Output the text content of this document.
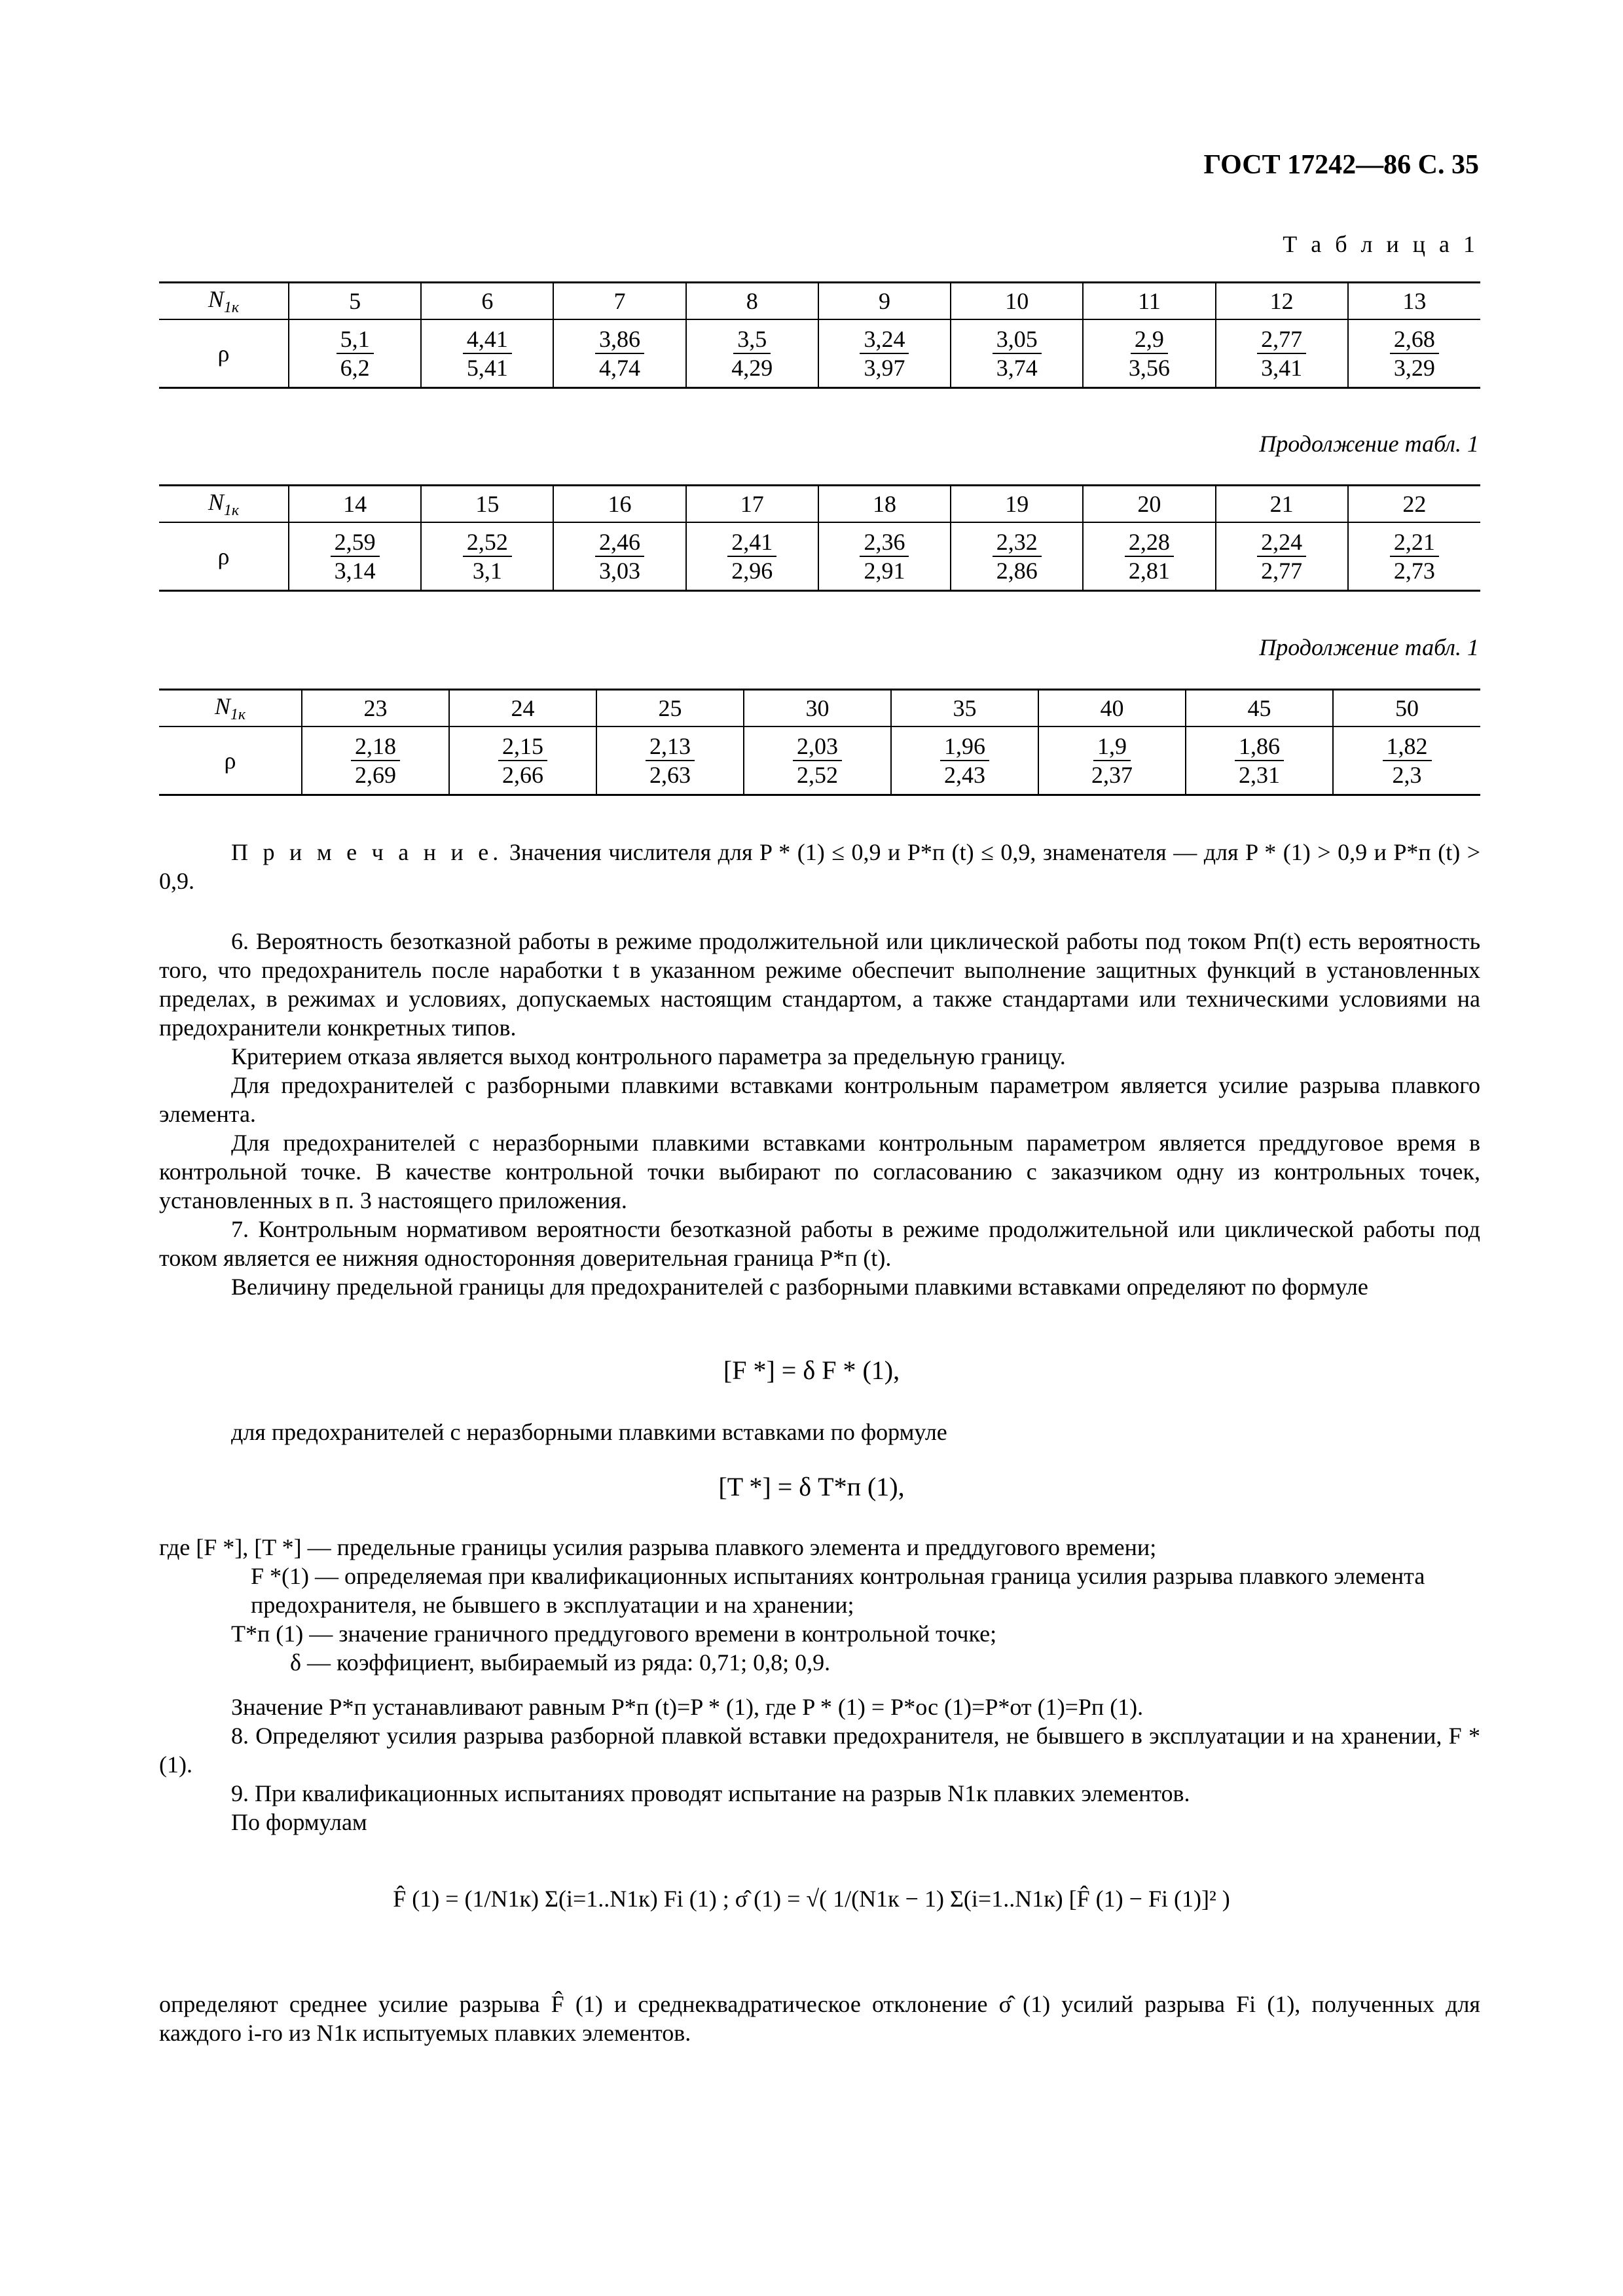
ГОСТ 17242—86 С. 35
Т а б л и ц а 1
$N_{1к}$	5	6	7	8	9	10	11	12	13
ρ	$\frac{5,1}{6,2}$	$\frac{4,41}{5,41}$	$\frac{3,86}{4,74}$	$\frac{3,5}{4,29}$	$\frac{3,24}{3,97}$	$\frac{3,05}{3,74}$	$\frac{2,9}{3,56}$	$\frac{2,77}{3,41}$	$\frac{2,68}{3,29}$
Продолжение табл. 1
$N_{1к}$	14	15	16	17	18	19	20	21	22
ρ	$\frac{2,59}{3,14}$	$\frac{2,52}{3,1}$	$\frac{2,46}{3,03}$	$\frac{2,41}{2,96}$	$\frac{2,36}{2,91}$	$\frac{2,32}{2,86}$	$\frac{2,28}{2,81}$	$\frac{2,24}{2,77}$	$\frac{2,21}{2,73}$
Продолжение табл. 1
$N_{1к}$	23	24	25	30	35	40	45	50
ρ	$\frac{2,18}{2,69}$	$\frac{2,15}{2,66}$	$\frac{2,13}{2,63}$	$\frac{2,03}{2,52}$	$\frac{1,96}{2,43}$	$\frac{1,9}{2,37}$	$\frac{1,86}{2,31}$	$\frac{1,82}{2,3}$

П р и м е ч а н и е. Значения числителя для P * (1) ≤ 0,9 и P*п (t) ≤ 0,9, знаменателя — для P * (1) > 0,9 и P*п (t) > 0,9.

6. Вероятность безотказной работы в режиме продолжительной или циклической работы под током Pп(t) есть вероятность того, что предохранитель после наработки t в указанном режиме обеспечит выполнение защитных функций в установленных пределах, в режимах и условиях, допускаемых настоящим стандартом, а также стандартами или техническими условиями на предохранители конкретных типов.

Критерием отказа является выход контрольного параметра за предельную границу.

Для предохранителей с разборными плавкими вставками контрольным параметром является усилие разрыва плавкого элемента.

Для предохранителей с неразборными плавкими вставками контрольным параметром является преддуговое время в контрольной точке. В качестве контрольной точки выбирают по согласованию с заказчиком одну из контрольных точек, установленных в п. 3 настоящего приложения.

7. Контрольным нормативом вероятности безотказной работы в режиме продолжительной или циклической работы под током является ее нижняя односторонняя доверительная граница P*п (t).

Величину предельной границы для предохранителей с разборными плавкими вставками определяют по формуле

[F *] = δ F * (1),

для предохранителей с неразборными плавкими вставками по формуле

[T *] = δ T*п (1),
где [F *], [T *] — предельные границы усилия разрыва плавкого элемента и преддугового времени;
F *(1) — определяемая при квалификационных испытаниях контрольная граница усилия разрыва плавкого элемента предохранителя, не бывшего в эксплуатации и на хранении;
T*п (1) — значение граничного преддугового времени в контрольной точке;
δ — коэффициент, выбираемый из ряда: 0,71; 0,8; 0,9.

Значение P*п устанавливают равным P*п (t)=P * (1), где P * (1) = P*ос (1)=P*от (1)=Pп (1).

8. Определяют усилия разрыва разборной плавкой вставки предохранителя, не бывшего в эксплуатации и на хранении, F * (1).

9. При квалификационных испытаниях проводят испытание на разрыв N1к плавких элементов.

По формулам

F̂ (1) = (1/N1к) Σ(i=1..N1к) Fi (1) ; σ̂ (1) = √( 1/(N1к − 1) Σ(i=1..N1к) [F̂ (1) − Fi (1)]² )

определяют среднее усилие разрыва F̂ (1) и среднеквадратическое отклонение σ̂ (1) усилий разрыва Fi (1), полученных для каждого i-го из N1к испытуемых плавких элементов.
